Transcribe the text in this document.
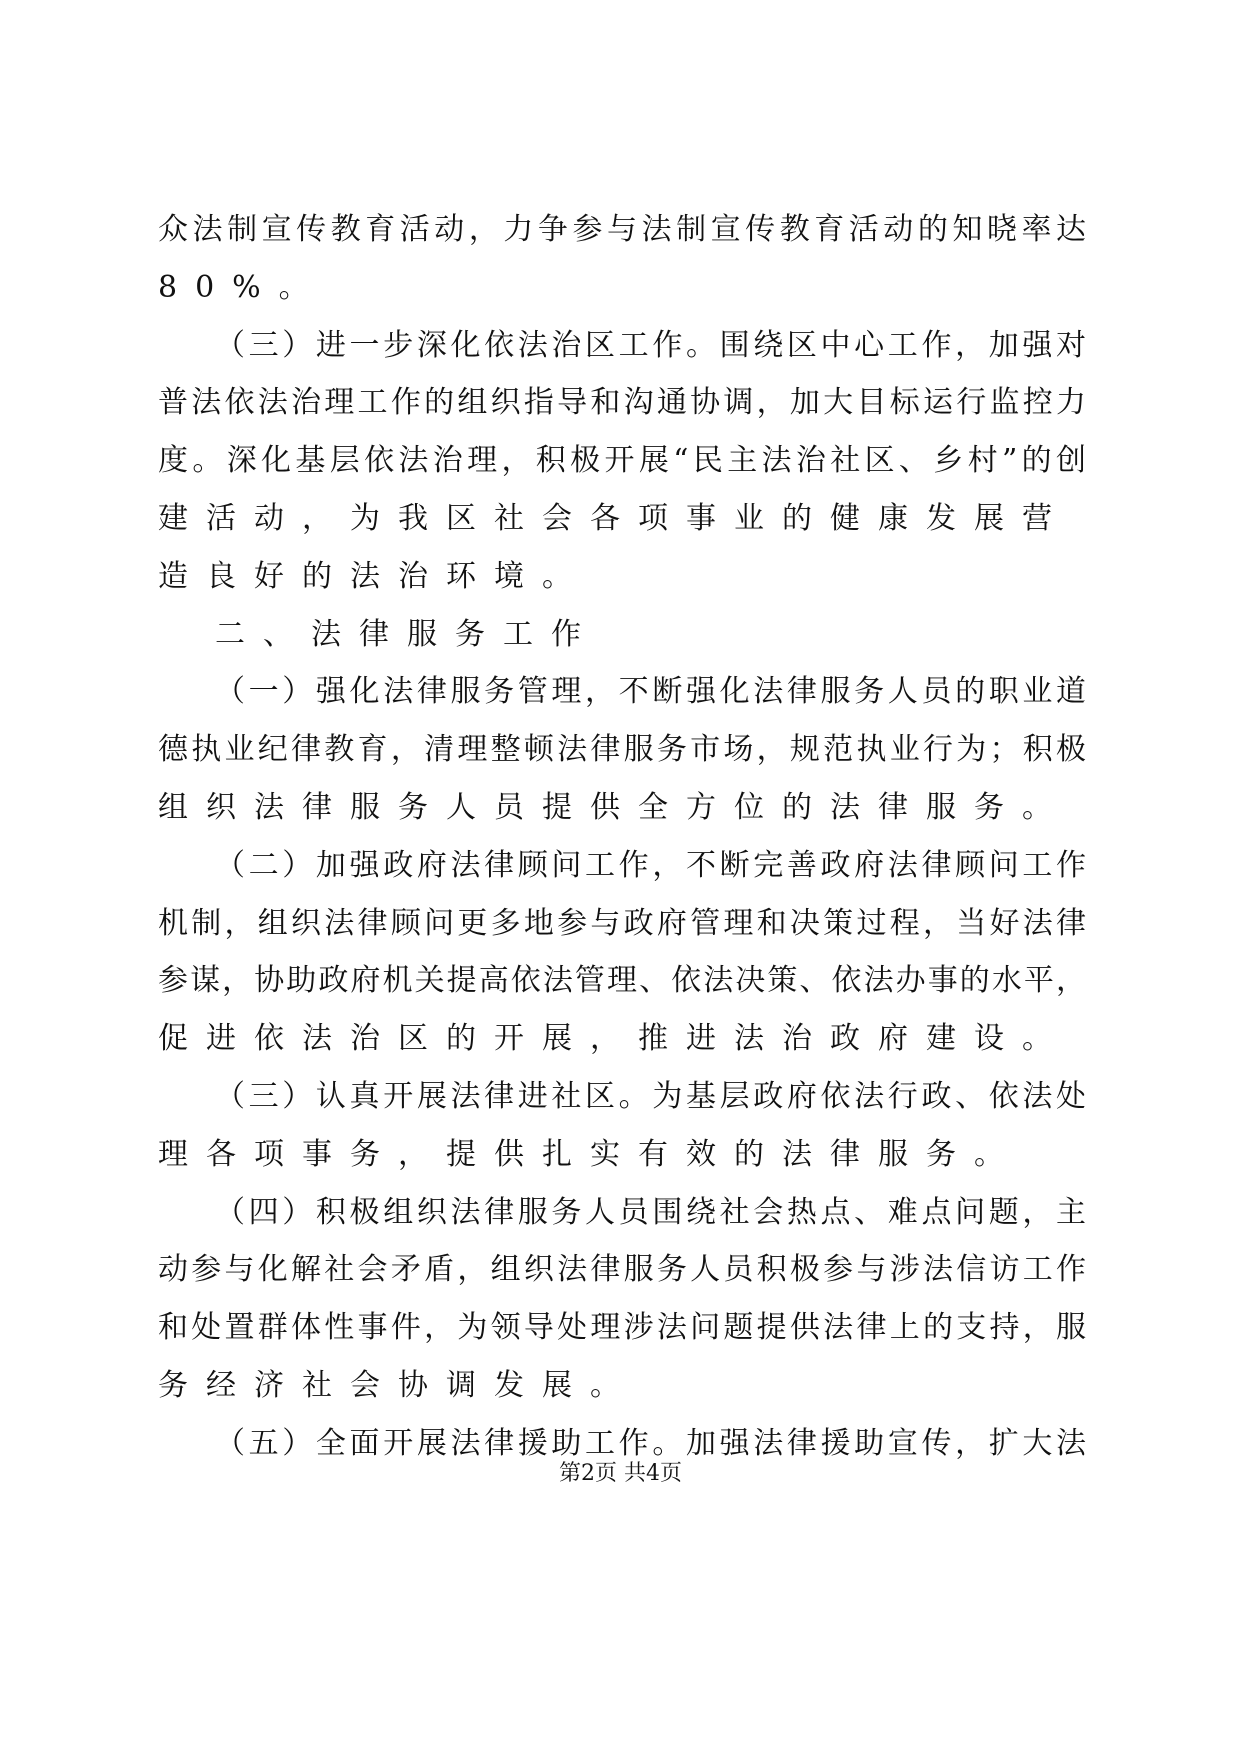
众法制宣传教育活动，力争参与法制宣传教育活动的知晓率达
80%。
（三）进一步深化依法治区工作。围绕区中心工作，加强对
普法依法治理工作的组织指导和沟通协调，加大目标运行监控力
度。深化基层依法治理，积极开展“民主法治社区、乡村”的创
建活动，为我区社会各项事业的健康发展营造良好的法治环境。
二、法律服务工作
（一）强化法律服务管理，不断强化法律服务人员的职业道
德执业纪律教育，清理整顿法律服务市场，规范执业行为；积极
组织法律服务人员提供全方位的法律服务。
（二）加强政府法律顾问工作，不断完善政府法律顾问工作
机制，组织法律顾问更多地参与政府管理和决策过程，当好法律
参谋，协助政府机关提高依法管理、依法决策、依法办事的水平，
促进依法治区的开展，推进法治政府建设。
（三）认真开展法律进社区。为基层政府依法行政、依法处
理各项事务，提供扎实有效的法律服务。
（四）积极组织法律服务人员围绕社会热点、难点问题，主
动参与化解社会矛盾，组织法律服务人员积极参与涉法信访工作
和处置群体性事件，为领导处理涉法问题提供法律上的支持，服
务经济社会协调发展。
（五）全面开展法律援助工作。加强法律援助宣传，扩大法
第2页 共4页
